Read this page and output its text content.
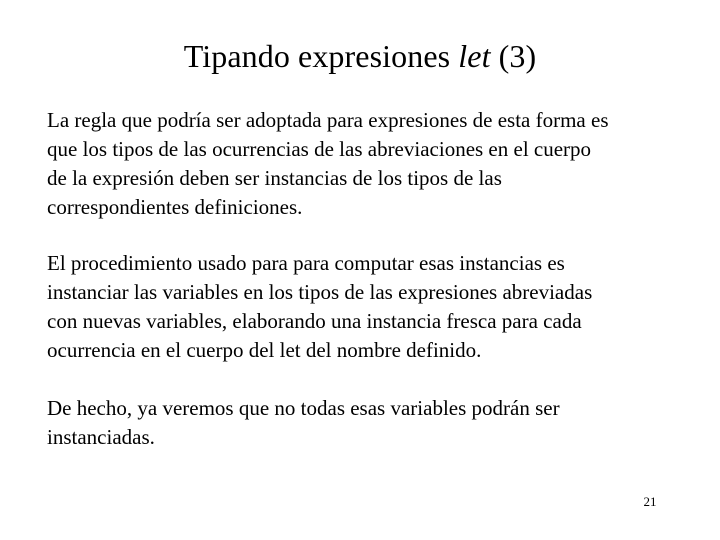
Tipando expresiones let (3)
La regla que podría ser adoptada para expresiones de esta forma es
que los tipos de las ocurrencias de las abreviaciones en el cuerpo
de la expresión deben ser instancias de los tipos de las
correspondientes definiciones.
El procedimiento usado para para computar esas instancias es
instanciar las variables en los tipos de las expresiones abreviadas
con nuevas variables, elaborando una instancia fresca para cada
ocurrencia en el cuerpo del let del nombre definido.
De hecho, ya veremos que no todas esas variables podrán ser
instanciadas.
21
